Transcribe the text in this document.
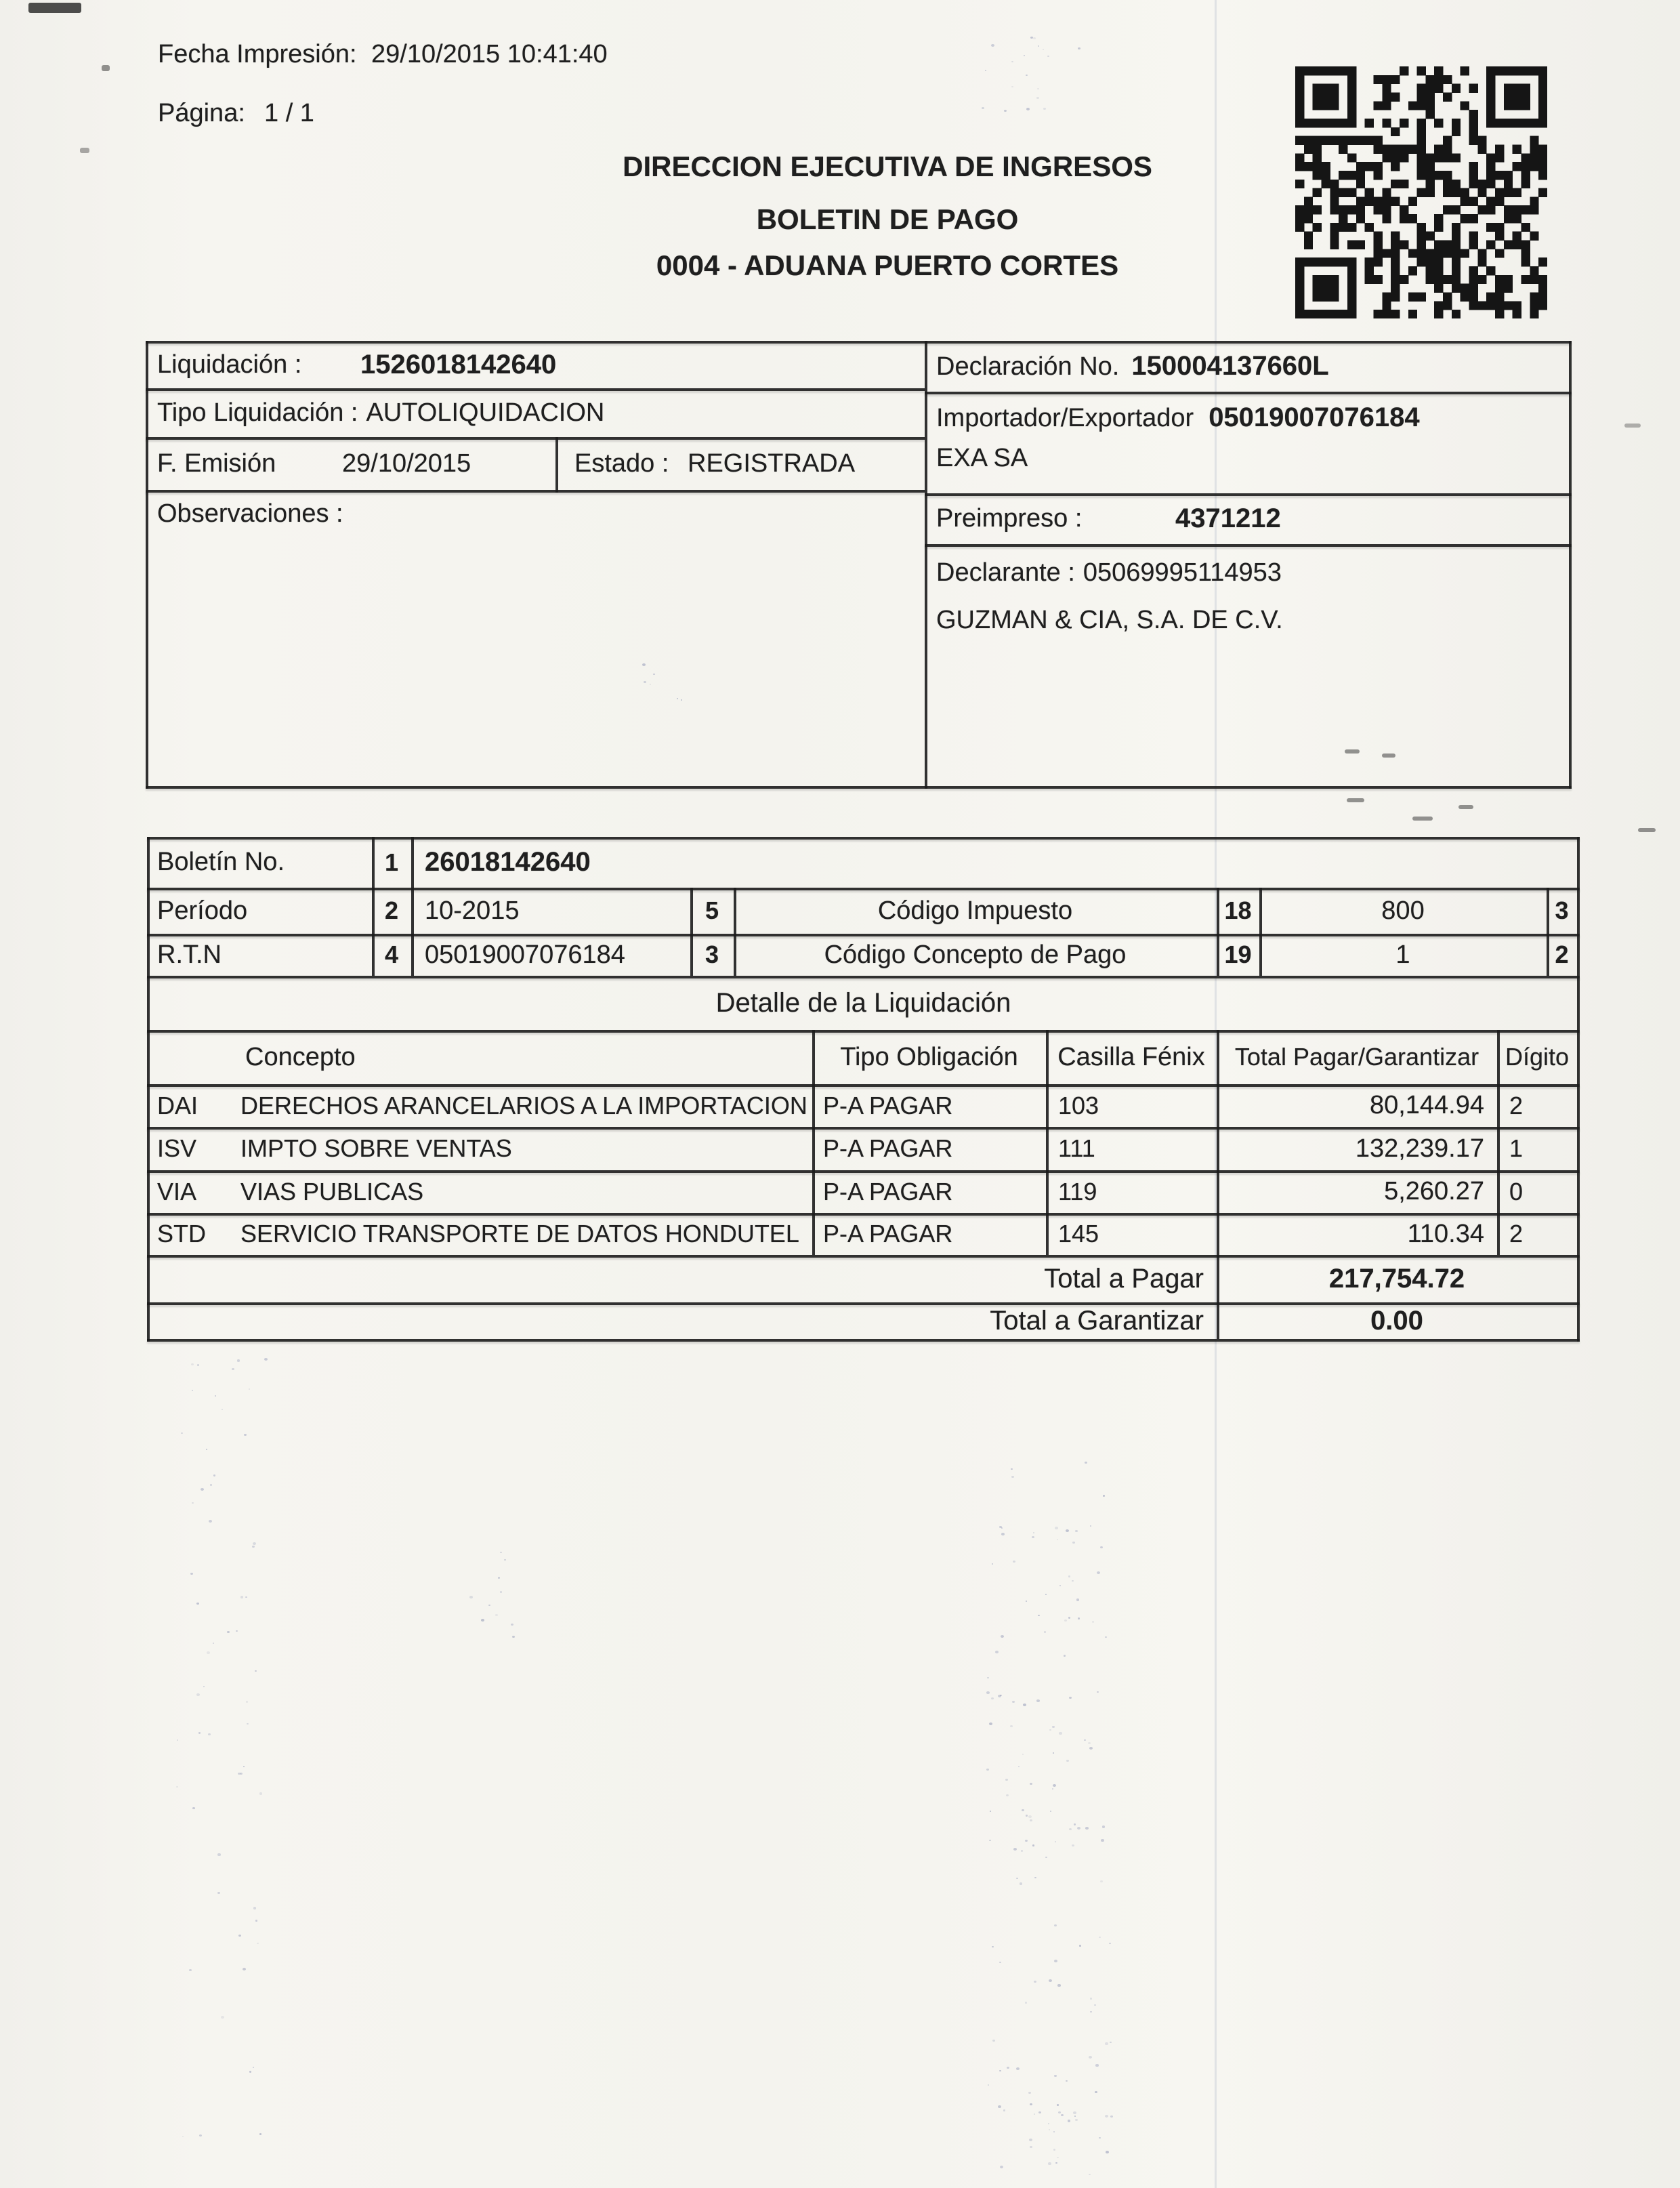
Fecha Impresión: 29/10/2015 10:41:40
Página: 1 / 1
DIRECCION EJECUTIVA DE INGRESOS
BOLETIN DE PAGO
0004 - ADUANA PUERTO CORTES
Liquidación : 1526018142640
Tipo Liquidación : AUTOLIQUIDACION
F. Emisión	29/10/2015	Estado : REGISTRADA
Observaciones :
Declaración No. 150004137660L
Importador/Exportador 05019007076184
EXA SA
Preimpreso :	4371212
Declarante : 05069995114953
GUZMAN & CIA, S.A. DE C.V.
Boletín No.	1 26018142640
Período	2	10-2015	5	Código Impuesto	18	800	3
R.T.N	4	05019007076184	3	Código Concepto de Pago	19	1	2
Detalle de la Liquidación
Concepto	Tipo Obligación	Casilla Fénix	Total Pagar/Garantizar	Dígito
DAI DERECHOS ARANCELARIOS A LA IMPORTACION P-A PAGAR	103	80,144.94 2
ISV IMPTO SOBRE VENTAS	P-A PAGAR	111	132,239.17 1
VIA VIAS PUBLICAS	P-A PAGAR	119	5,260.27 0
STD SERVICIO TRANSPORTE DE DATOS HONDUTEL P-A PAGAR	145	110.34 2
Total a Pagar	217,754.72
Total a Garantizar	0.00
